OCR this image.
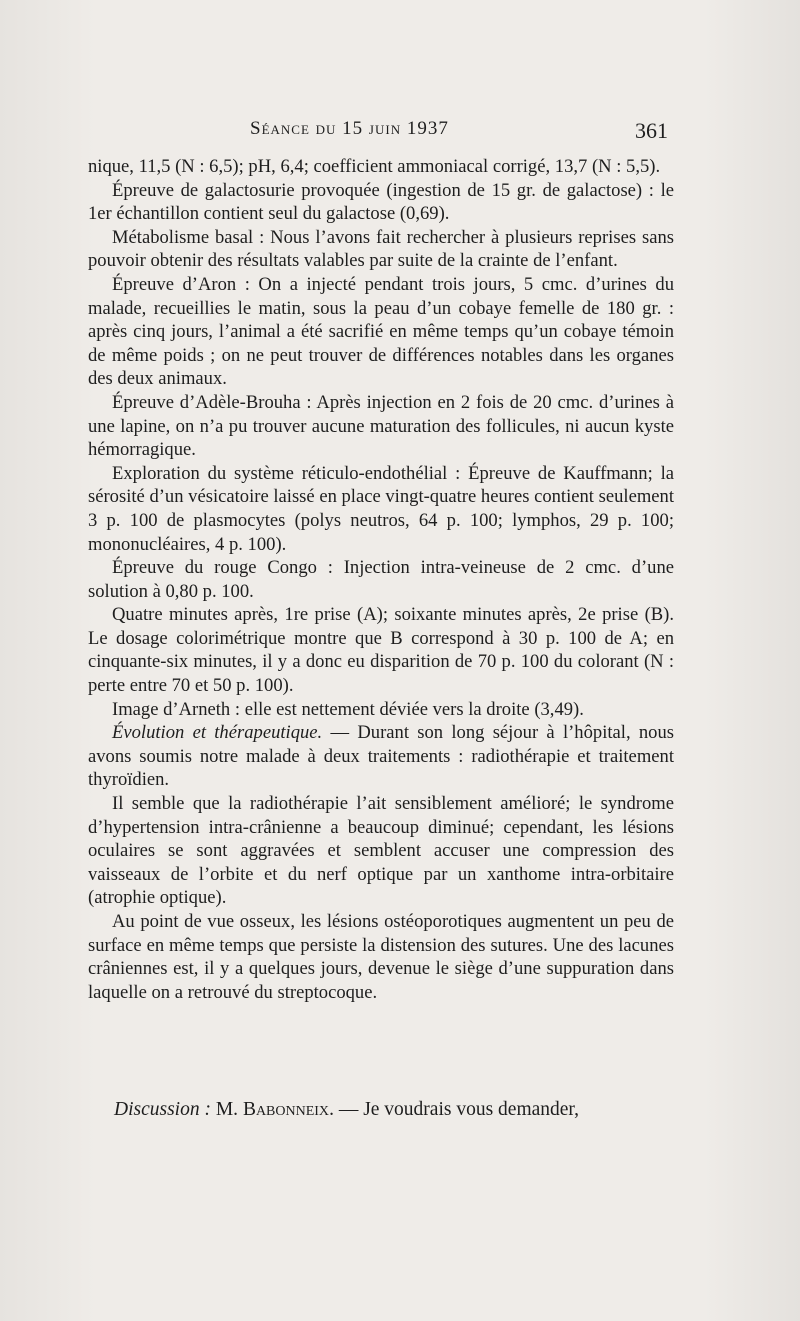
Séance du 15 juin 1937	361

nique, 11,5 (N : 6,5); pH, 6,4; coefficient ammoniacal corrigé, 13,7 (N : 5,5).

Épreuve de galactosurie provoquée (ingestion de 15 gr. de galactose) : le 1er échantillon contient seul du galactose (0,69).

Métabolisme basal : Nous l’avons fait rechercher à plusieurs reprises sans pouvoir obtenir des résultats valables par suite de la crainte de l’enfant.

Épreuve d’Aron : On a injecté pendant trois jours, 5 cmc. d’urines du malade, recueillies le matin, sous la peau d’un cobaye femelle de 180 gr. : après cinq jours, l’animal a été sacrifié en même temps qu’un cobaye témoin de même poids ; on ne peut trouver de différences notables dans les organes des deux animaux.

Épreuve d’Adèle-Brouha : Après injection en 2 fois de 20 cmc. d’urines à une lapine, on n’a pu trouver aucune maturation des follicules, ni aucun kyste hémorragique.

Exploration du système réticulo-endothélial : Épreuve de Kauffmann; la sérosité d’un vésicatoire laissé en place vingt-quatre heures contient seulement 3 p. 100 de plasmocytes (polys neutros, 64 p. 100; lymphos, 29 p. 100; mononucléaires, 4 p. 100).

Épreuve du rouge Congo : Injection intra-veineuse de 2 cmc. d’une solution à 0,80 p. 100.

Quatre minutes après, 1re prise (A); soixante minutes après, 2e prise (B). Le dosage colorimétrique montre que B correspond à 30 p. 100 de A; en cinquante-six minutes, il y a donc eu disparition de 70 p. 100 du colorant (N : perte entre 70 et 50 p. 100).

Image d’Arneth : elle est nettement déviée vers la droite (3,49).

Évolution et thérapeutique. — Durant son long séjour à l’hôpital, nous avons soumis notre malade à deux traitements : radiothérapie et traitement thyroïdien.

Il semble que la radiothérapie l’ait sensiblement amélioré; le syndrome d’hypertension intra-crânienne a beaucoup diminué; cependant, les lésions oculaires se sont aggravées et semblent accuser une compression des vaisseaux de l’orbite et du nerf optique par un xanthome intra-orbitaire (atrophie optique).

Au point de vue osseux, les lésions ostéoporotiques augmentent un peu de surface en même temps que persiste la distension des sutures. Une des lacunes crâniennes est, il y a quelques jours, devenue le siège d’une suppuration dans laquelle on a retrouvé du streptocoque.

Discussion : M. Babonneix. — Je voudrais vous demander,
